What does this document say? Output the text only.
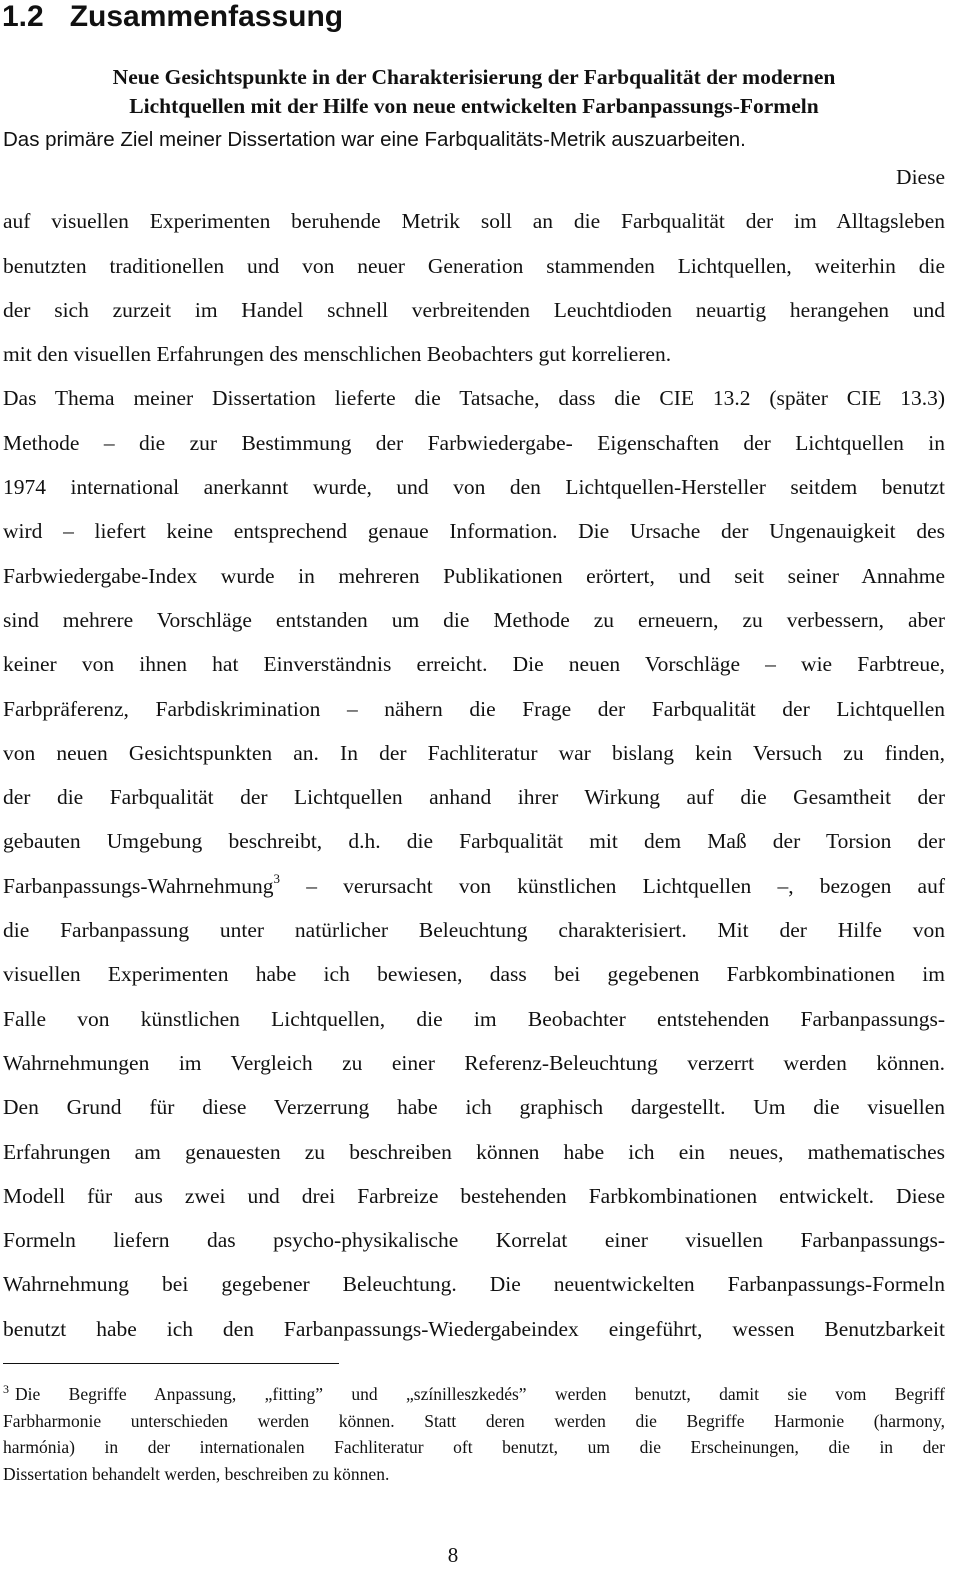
1.2 Zusammenfassung
Neue Gesichtspunkte in der Charakterisierung der Farbqualität der modernen
Lichtquellen mit der Hilfe von neue entwickelten Farbanpassungs-Formeln
Das primäre Ziel meiner Dissertation war eine Farbqualitäts-Metrik auszuarbeiten.
Diese
auf visuellen Experimenten beruhende Metrik soll an die Farbqualität der im Alltagsleben
benutzten traditionellen und von neuer Generation stammenden Lichtquellen, weiterhin die
der sich zurzeit im Handel schnell verbreitenden Leuchtdioden neuartig herangehen und
mit den visuellen Erfahrungen des menschlichen Beobachters gut korrelieren.
Das Thema meiner Dissertation lieferte die Tatsache, dass die CIE 13.2 (später CIE 13.3)
Methode – die zur Bestimmung der Farbwiedergabe- Eigenschaften der Lichtquellen in
1974 international anerkannt wurde, und von den Lichtquellen-Hersteller seitdem benutzt
wird – liefert keine entsprechend genaue Information. Die Ursache der Ungenauigkeit des
Farbwiedergabe-Index wurde in mehreren Publikationen erörtert, und seit seiner Annahme
sind mehrere Vorschläge entstanden um die Methode zu erneuern, zu verbessern, aber
keiner von ihnen hat Einverständnis erreicht. Die neuen Vorschläge – wie Farbtreue,
Farbpräferenz, Farbdiskrimination – nähern die Frage der Farbqualität der Lichtquellen
von neuen Gesichtspunkten an. In der Fachliteratur war bislang kein Versuch zu finden,
der die Farbqualität der Lichtquellen anhand ihrer Wirkung auf die Gesamtheit der
gebauten Umgebung beschreibt, d.h. die Farbqualität mit dem Maß der Torsion der
Farbanpassungs-Wahrnehmung$^3$ – verursacht von künstlichen Lichtquellen –, bezogen auf
die Farbanpassung unter natürlicher Beleuchtung charakterisiert. Mit der Hilfe von
visuellen Experimenten habe ich bewiesen, dass bei gegebenen Farbkombinationen im
Falle von künstlichen Lichtquellen, die im Beobachter entstehenden Farbanpassungs-
Wahrnehmungen im Vergleich zu einer Referenz-Beleuchtung verzerrt werden können.
Den Grund für diese Verzerrung habe ich graphisch dargestellt. Um die visuellen
Erfahrungen am genauesten zu beschreiben können habe ich ein neues, mathematisches
Modell für aus zwei und drei Farbreize bestehenden Farbkombinationen entwickelt. Diese
Formeln liefern das psycho-physikalische Korrelat einer visuellen Farbanpassungs-
Wahrnehmung bei gegebener Beleuchtung. Die neuentwickelten Farbanpassungs-Formeln
benutzt habe ich den Farbanpassungs-Wiedergabeindex eingeführt, wessen Benutzbarkeit
$^3$ Die Begriffe Anpassung, „fitting” und „színilleszkedés” werden benutzt, damit sie vom Begriff
Farbharmonie unterschieden werden können. Statt deren werden die Begriffe Harmonie (harmony,
harmónia) in der internationalen Fachliteratur oft benutzt, um die Erscheinungen, die in der
Dissertation behandelt werden, beschreiben zu können.
8
